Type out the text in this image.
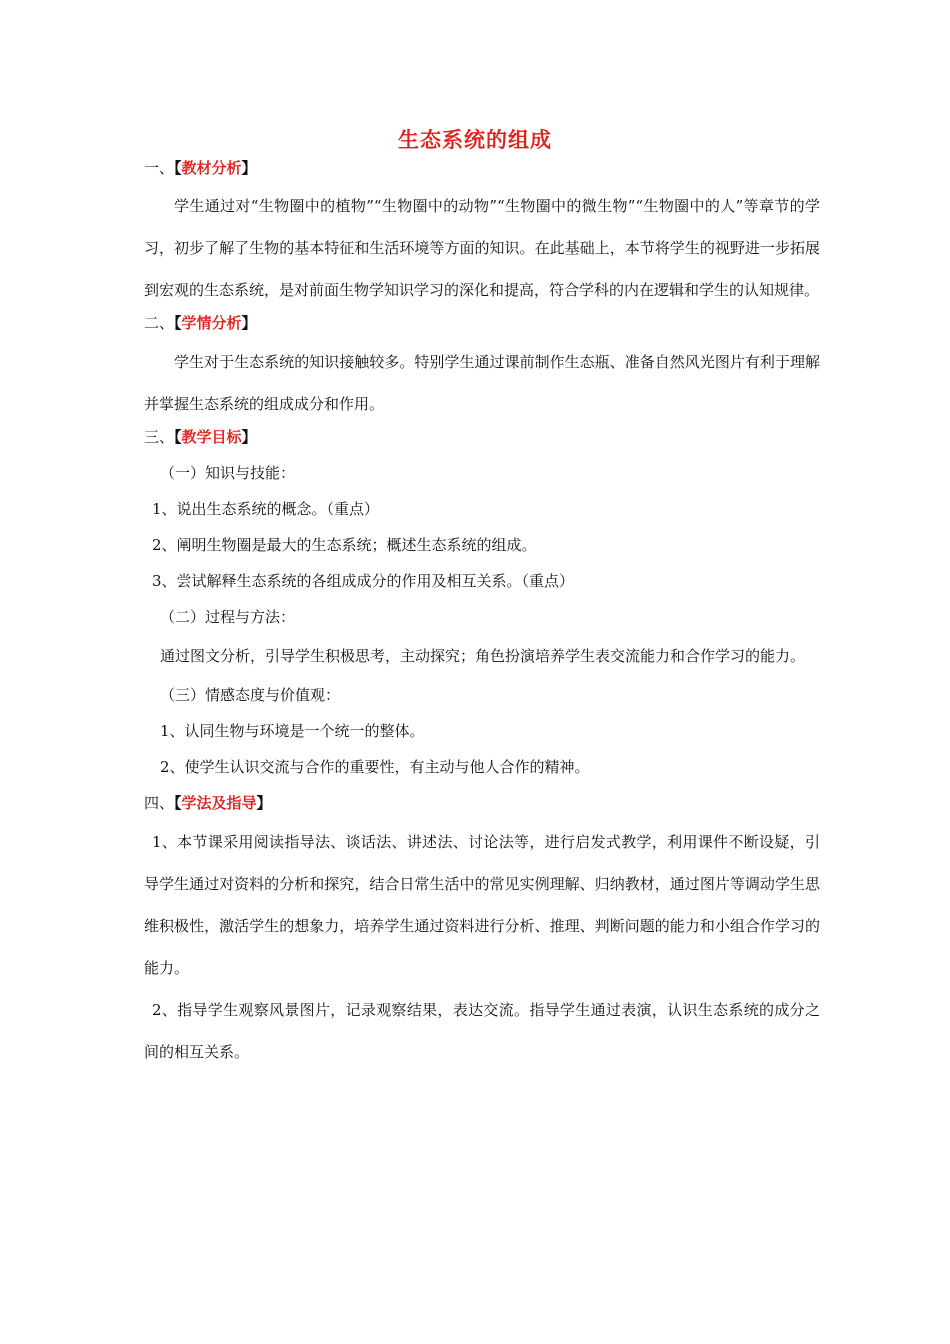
生态系统的组成
一、【教材分析】

学生通过对“生物圈中的植物”“生物圈中的动物”“生物圈中的微生物”“生物圈中的人”等章节的学习，初步了解了生物的基本特征和生活环境等方面的知识。在此基础上，本节将学生的视野进一步拓展到宏观的生态系统，是对前面生物学知识学习的深化和提高，符合学科的内在逻辑和学生的认知规律。

二、【学情分析】

学生对于生态系统的知识接触较多。特别学生通过课前制作生态瓶、准备自然风光图片有利于理解并掌握生态系统的组成成分和作用。

三、【教学目标】
（一）知识与技能：
1、说出生态系统的概念。（重点）
2、阐明生物圈是最大的生态系统；概述生态系统的组成。
3、尝试解释生态系统的各组成成分的作用及相互关系。（重点）
（二）过程与方法：

通过图文分析，引导学生积极思考，主动探究；角色扮演培养学生表交流能力和合作学习的能力。

（三）情感态度与价值观：
1、认同生物与环境是一个统一的整体。
2、使学生认识交流与合作的重要性，有主动与他人合作的精神。
四、【学法及指导】

1、本节课采用阅读指导法、谈话法、讲述法、讨论法等，进行启发式教学，利用课件不断设疑，引导学生通过对资料的分析和探究，结合日常生活中的常见实例理解、归纳教材，通过图片等调动学生思维积极性，激活学生的想象力，培养学生通过资料进行分析、推理、判断问题的能力和小组合作学习的能力。

2、指导学生观察风景图片，记录观察结果，表达交流。指导学生通过表演，认识生态系统的成分之间的相互关系。
